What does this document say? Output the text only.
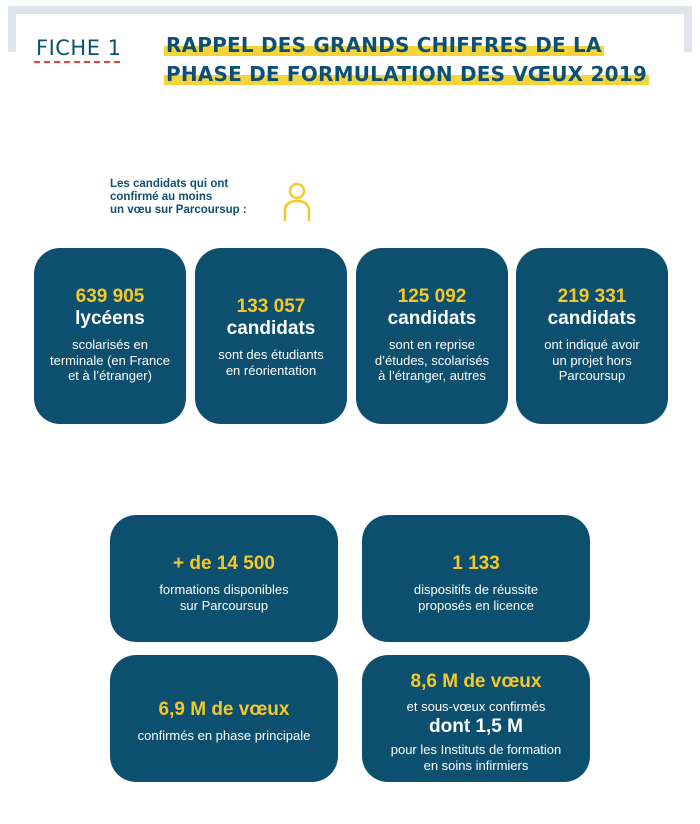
FICHE 1 RAPPEL DES GRANDS CHIFFRES DE LA
PHASE DE FORMULATION DES VŒUX 2019
Les candidats qui ont
confirmé au moins
un vœu sur Parcoursup :
639 905
lycéens
scolarisés en
terminale (en France
et à l’étranger)
133 057
candidats
sont des étudiants
en réorientation
125 092
candidats
sont en reprise
d’études, scolarisés
à l’étranger, autres
219 331
candidats
ont indiqué avoir
un projet hors
Parcoursup
+ de 14 500
formations disponibles
sur Parcoursup
1 133
dispositifs de réussite
proposés en licence
6,9 M de vœux
confirmés en phase principale
8,6 M de vœux
et sous-vœux confirmés
dont 1,5 M
pour les Instituts de formation
en soins infirmiers
